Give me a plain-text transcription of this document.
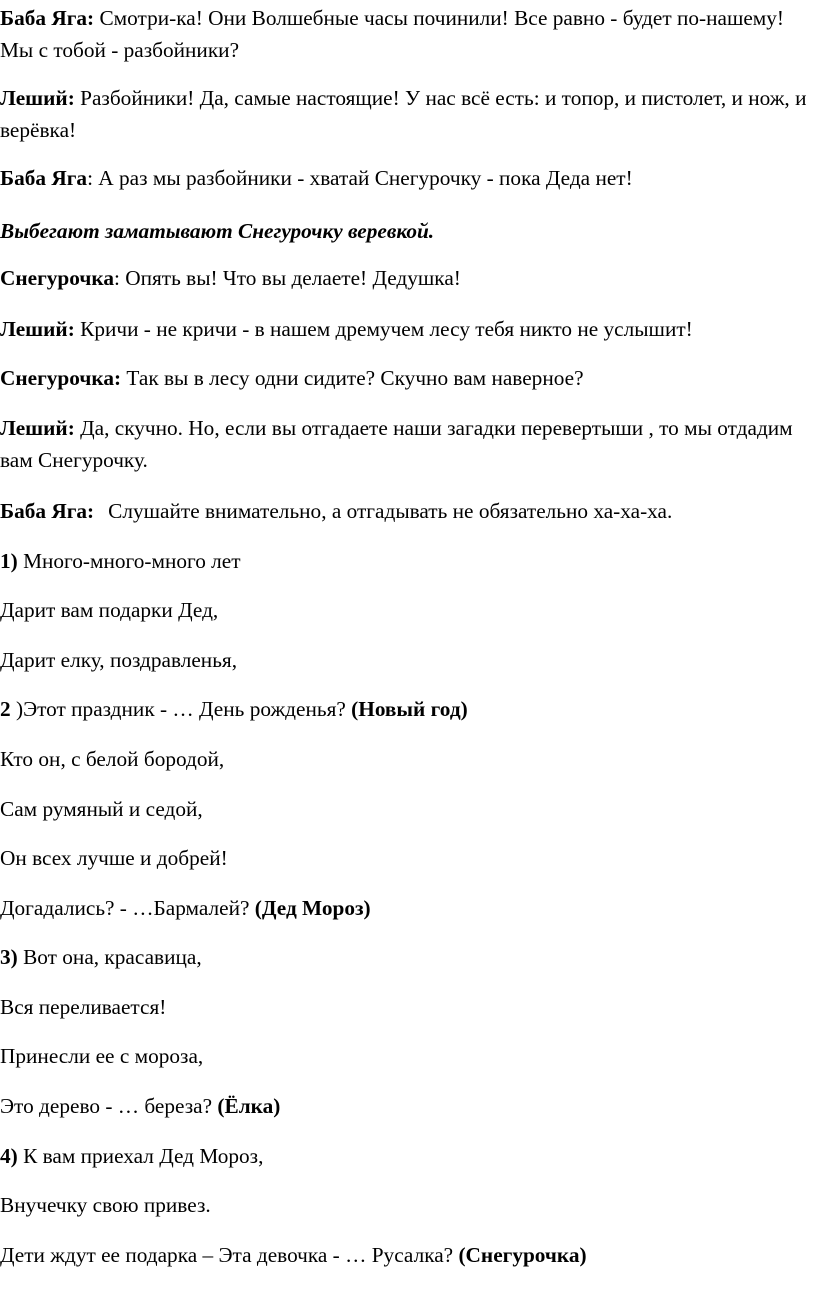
Баба Яга: Смотри-ка! Они Волшебные часы починили! Все равно - будет по-нашему! Мы с тобой - разбойники?

Леший: Разбойники! Да, самые настоящие! У нас всё есть: и топор, и пистолет, и нож, и верёвка!

Баба Яга: А раз мы разбойники - хватай Снегурочку - пока Деда нет!

Выбегают заматывают Снегурочку веревкой.

Снегурочка: Опять вы! Что вы делаете! Дедушка!

Леший: Кричи - не кричи - в нашем дремучем лесу тебя никто не услышит!

Снегурочка: Так вы в лесу одни сидите? Скучно вам наверное?

Леший: Да, скучно. Но, если вы отгадаете наши загадки перевертыши , то мы отдадим вам Снегурочку.

Баба Яга: Слушайте внимательно, а отгадывать не обязательно ха-ха-ха.

1) Много-много-много лет

Дарит вам подарки Дед,

Дарит елку, поздравленья,

2 )Этот праздник - … День рожденья? (Новый год)

Кто он, с белой бородой,

Сам румяный и седой,

Он всех лучше и добрей!

Догадались? - …Бармалей? (Дед Мороз)

3) Вот она, красавица,

Вся переливается!

Принесли ее с мороза,

Это дерево - … береза? (Ёлка)

4) К вам приехал Дед Мороз,

Внучечку свою привез.

Дети ждут ее подарка – Эта девочка - … Русалка? (Снегурочка)
